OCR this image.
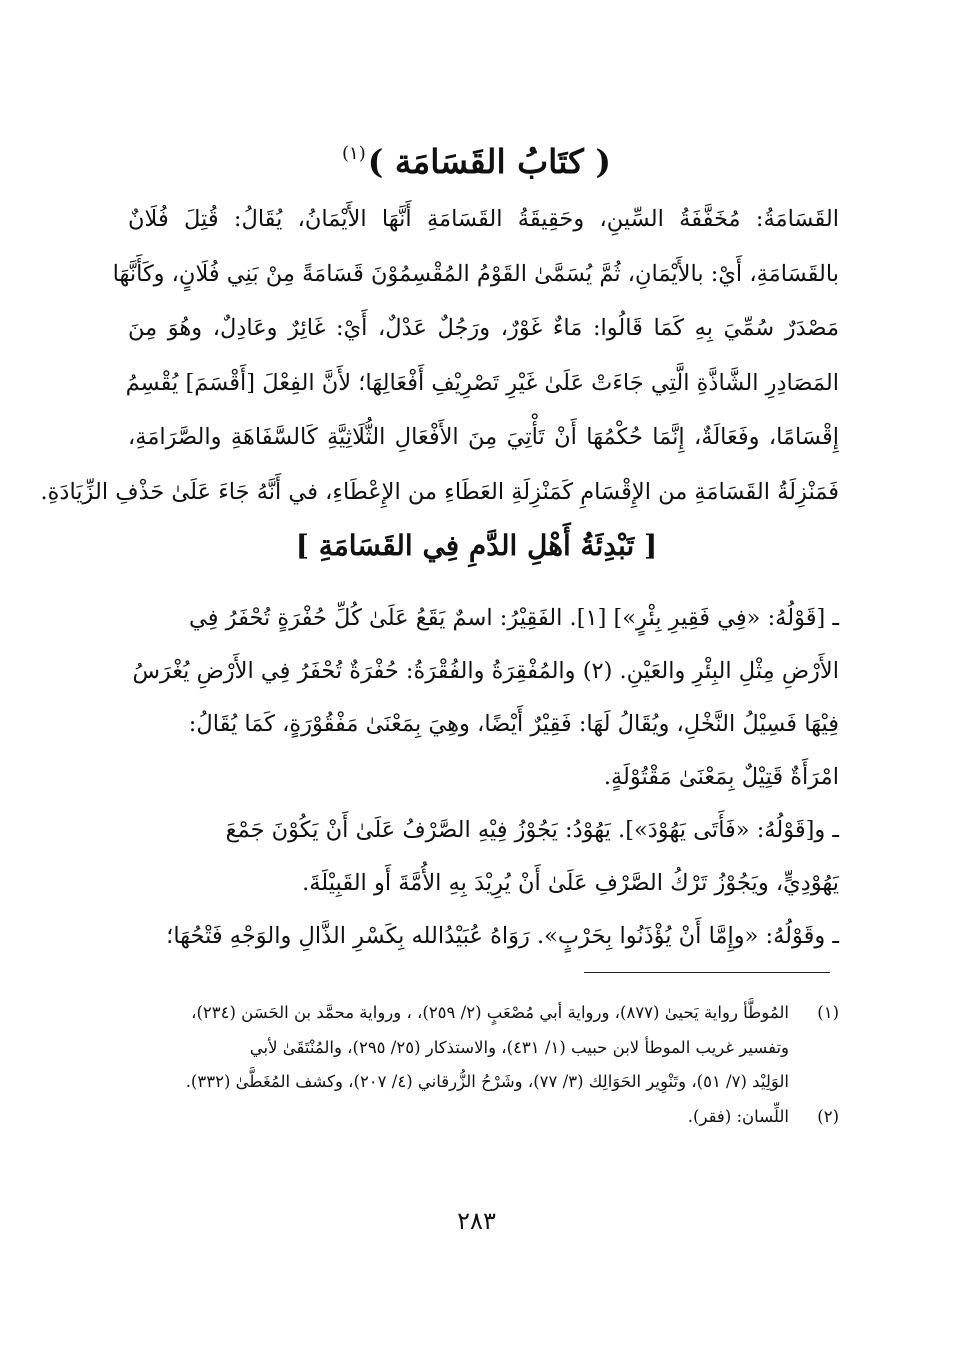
( كتَابُ القَسَامَة )$^{(١)}$
القَسَامَةُ: مُخَفَّفَةُ السِّينِ، وحَقِيقَةُ القَسَامَةِ أَنَّهَا الأَيْمَانُ، يُقَالُ: قُتِلَ فُلَانٌ
بالقَسَامَةِ، أَيْ: بالأَيْمَانِ، ثُمَّ يُسَمَّىٰ القَوْمُ المُقْسِمُوْنَ قَسَامَةً مِنْ بَنِي فُلَانٍ، وكَأَنَّهَا
مَصْدَرٌ سُمِّيَ بِهِ كَمَا قَالُوا: مَاءٌ غَوْرٌ، ورَجُلٌ عَدْلٌ، أَيْ: غَائِرٌ وعَادِلٌ، وهُوَ مِنَ
المَصَادِرِ الشَّاذَّةِ الَّتِي جَاءَتْ عَلَىٰ غَيْرِ تَصْرِيْفِ أَفْعَالِهَا؛ لأَنَّ الفِعْلَ [أَقْسَمَ] يُقْسِمُ
إِقْسَامًا، وفَعَالَةٌ، إِنَّمَا حُكْمُهَا أَنْ تَأْتِيَ مِنَ الأَفْعَالِ الثُّلَاثِيَّةِ كَالسَّفَاهَةِ والصَّرَامَةِ،
فَمَنْزِلَةُ القَسَامَةِ من الإِقْسَامِ كَمَنْزِلَةِ العَطَاءِ من الإِعْطَاءِ، في أَنَّهُ جَاءَ عَلَىٰ حَذْفِ الزِّيَادَةِ.
[ تَبْدِئَةُ أَهْلِ الدَّمِ فِي القَسَامَةِ ]

ـ [قَوْلُهُ: «فِي فَقِيرِ بِئْرٍ»] [١]. الفَقِيْرُ: اسمٌ يَقَعُ عَلَىٰ كُلِّ حُفْرَةٍ تُحْفَرُ فِي
الأَرْضِ مِثْلِ البِئْرِ والعَيْنِ. (٢) والمُفْقِرَةُ والفُقْرَةُ: حُفْرَةٌ تُحْفَرُ فِي الأَرْضِ يُغْرَسُ
فِيْهَا فَسِيْلُ النَّخْلِ، ويُقَالُ لَهَا: فَقِيْرٌ أَيْضًا، وهِيَ بِمَعْنَىٰ مَفْقُوْرَةٍ، كَمَا يُقَالُ:
امْرَأَةٌ قَتِيْلٌ بِمَعْنَىٰ مَقْتُوْلَةٍ.

ـ و[قَوْلُهُ: «فَأَتَى يَهُوْدَ»]. يَهُوْدُ: يَجُوْزُ فِيْهِ الصَّرْفُ عَلَىٰ أَنْ يَكُوْنَ جَمْعَ
يَهُوْدِيٍّ، ويَجُوْزُ تَرْكُ الصَّرْفِ عَلَىٰ أَنْ يُرِيْدَ بِهِ الأُمَّةَ أَو القَبِيْلَةَ.

ـ وقَوْلُهُ: «وإِمَّا أَنْ يُؤْذَنُوا بِحَرْبٍ». رَوَاهُ عُبَيْدُالله بِكَسْرِ الذَّالِ والوَجْهِ فَتْحُهَا؛

(١)المُوطَّأ رواية يَحيىٰ (٨٧٧)، ورواية أبي مُصْعَبٍ (٢/ ٢٥٩)، ، ورواية محمَّد بن الحَسَن (٢٣٤)،
وتفسير غريب الموطأ لابن حبيب (١/ ٤٣١)، والاستذكار (٢٥/ ٢٩٥)، والمُنْتَقَىٰ لأبي
الوَلِيْد (٧/ ٥١)، وتَنْوِير الحَوَالِك (٣/ ٧٧)، وشَرْحُ الزُّرقاني (٤/ ٢٠٧)، وكشف المُغَطَّىٰ (٣٣٢).
(٢)اللِّسان: (فقر).
٢٨٣
